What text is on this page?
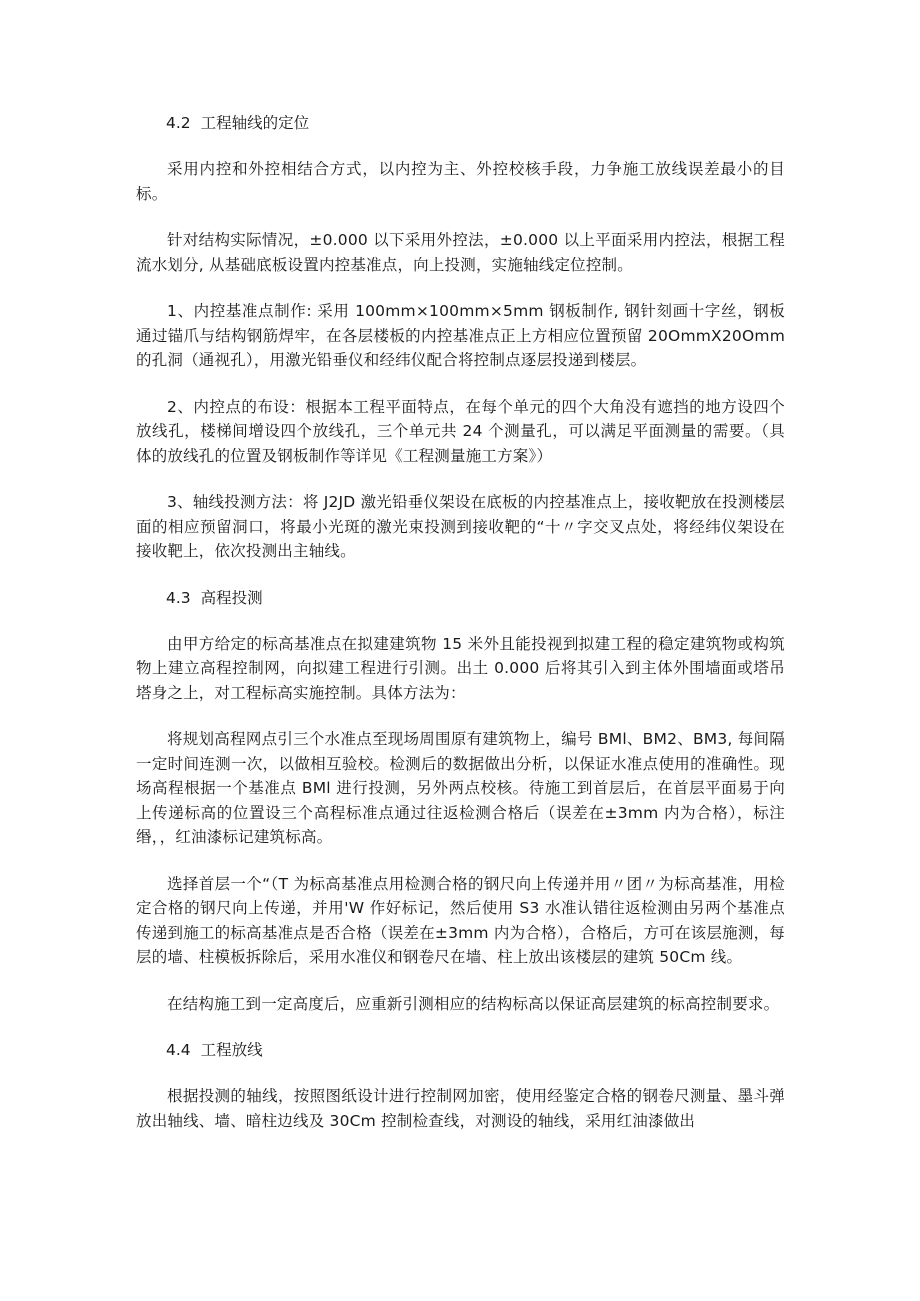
4.2 工程轴线的定位

采用内控和外控相结合方式，以内控为主、外控校核手段，力争施工放线误差最小的目标。

针对结构实际情况，±0.000 以下采用外控法，±0.000 以上平面采用内控法，根据工程流水划分, 从基础底板设置内控基准点，向上投测，实施轴线定位控制。

1、内控基准点制作: 采用 100mm×100mm×5mm 钢板制作, 钢针刻画十字丝，钢板通过锚爪与结构钢筋焊牢，在各层楼板的内控基准点正上方相应位置预留 20OmmX20Omm 的孔洞（通视孔），用激光铅垂仪和经纬仪配合将控制点逐层投递到楼层。

2、内控点的布设：根据本工程平面特点，在每个单元的四个大角没有遮挡的地方设四个放线孔，楼梯间增设四个放线孔，三个单元共 24 个测量孔，可以满足平面测量的需要。（具体的放线孔的位置及钢板制作等详见《工程测量施工方案》）

3、轴线投测方法：将 J2JD 激光铅垂仪架设在底板的内控基准点上，接收靶放在投测楼层面的相应预留洞口，将最小光斑的激光束投测到接收靶的“十〃字交叉点处，将经纬仪架设在接收靶上，依次投测出主轴线。

4.3 高程投测

由甲方给定的标高基准点在拟建建筑物 15 米外且能投视到拟建工程的稳定建筑物或构筑物上建立高程控制网，向拟建工程进行引测。出土 0.000 后将其引入到主体外围墙面或塔吊塔身之上，对工程标高实施控制。具体方法为：

将规划高程网点引三个水准点至现场周围原有建筑物上，编号 BMl、BM2、BM3, 每间隔一定时间连测一次，以做相互验校。检测后的数据做出分析，以保证水准点使用的准确性。现场高程根据一个基准点 BMl 进行投测，另外两点校核。待施工到首层后，在首层平面易于向上传递标高的位置设三个高程标准点通过往返检测合格后（误差在±3mm 内为合格），标注缗，，红油漆标记建筑标高。

选择首层一个“（T 为标高基准点用检测合格的钢尺向上传递并用〃团〃为标高基准，用检定合格的钢尺向上传递，并用'W 作好标记，然后使用 S3 水准认错往返检测由另两个基准点传递到施工的标高基准点是否合格（误差在±3mm 内为合格），合格后，方可在该层施测，每层的墙、柱模板拆除后，采用水准仪和钢卷尺在墙、柱上放出该楼层的建筑 50Cm 线。

在结构施工到一定高度后，应重新引测相应的结构标高以保证高层建筑的标高控制要求。

4.4 工程放线

根据投测的轴线，按照图纸设计进行控制网加密，使用经鉴定合格的钢卷尺测量、墨斗弹放出轴线、墙、暗柱边线及 30Cm 控制检查线，对测设的轴线，采用红油漆做出
